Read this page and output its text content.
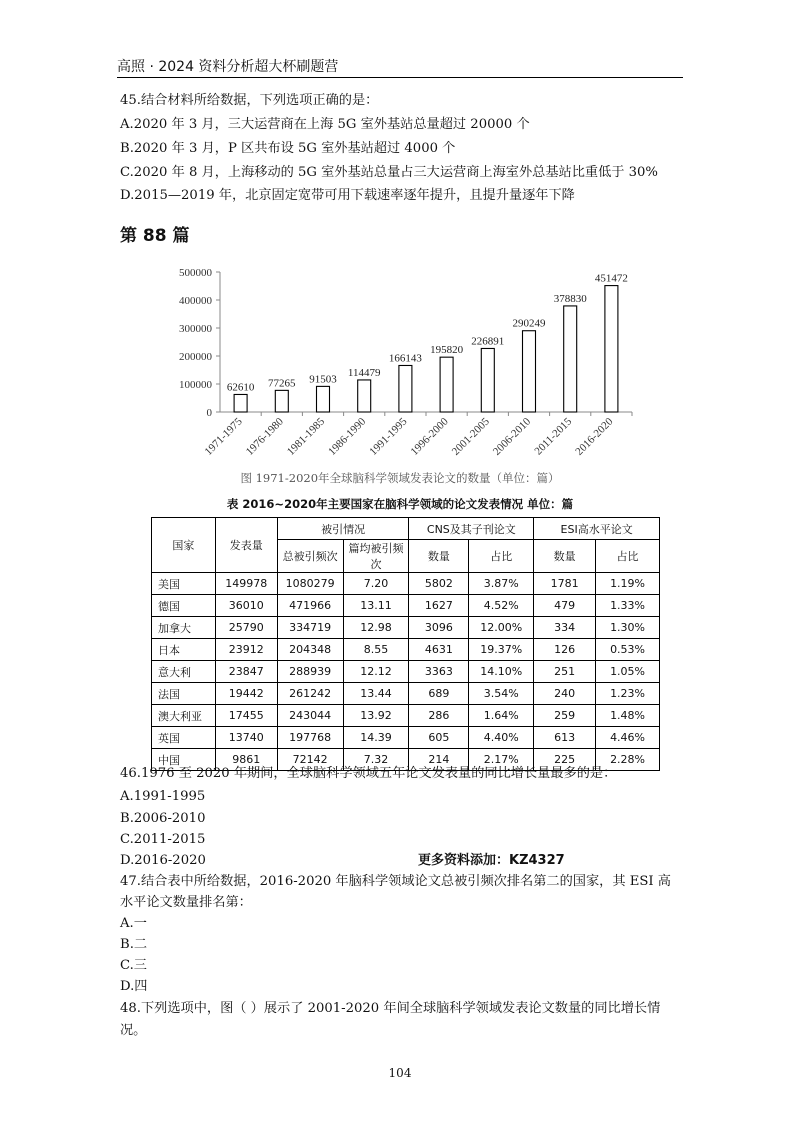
高照 · 2024 资料分析超大杯刷题营
45.结合材料所给数据，下列选项正确的是：
A.2020 年 3 月，三大运营商在上海 5G 室外基站总量超过 20000 个
B.2020 年 3 月，P 区共布设 5G 室外基站超过 4000 个
C.2020 年 8 月，上海移动的 5G 室外基站总量占三大运营商上海室外总基站比重低于 30%
D.2015—2019 年，北京固定宽带可用下载速率逐年提升，且提升量逐年下降
第 88 篇
0
100000
200000
300000
400000
500000
62610
1971-1975
77265
1976-1980
91503
1981-1985
114479
1986-1990
166143
1991-1995
195820
1996-2000
226891
2001-2005
290249
2006-2010
378830
2011-2015
451472
2016-2020
图 1971-2020年全球脑科学领域发表论文的数量（单位：篇）
表 2016~2020年主要国家在脑科学领域的论文发表情况 单位：篇
国家	发表量	被引情况		CNS及其子刊论文		ESI高水平论文	
		总被引频次	篇均被引频次	数量	占比	数量	占比
美国	149978	1080279	7.20	5802	3.87%	1781	1.19%
德国	36010	471966	13.11	1627	4.52%	479	1.33%
加拿大	25790	334719	12.98	3096	12.00%	334	1.30%
日本	23912	204348	8.55	4631	19.37%	126	0.53%
意大利	23847	288939	12.12	3363	14.10%	251	1.05%
法国	19442	261242	13.44	689	3.54%	240	1.23%
澳大利亚	17455	243044	13.92	286	1.64%	259	1.48%
英国	13740	197768	14.39	605	4.40%	613	4.46%
中国	9861	72142	7.32	214	2.17%	225	2.28%
46.1976 至 2020 年期间，全球脑科学领域五年论文发表量的同比增长量最多的是：
A.1991-1995
B.2006-2010
C.2011-2015
D.2016-2020	更多资料添加：KZ4327
47.结合表中所给数据，2016-2020 年脑科学领域论文总被引频次排名第二的国家，其 ESI 高
水平论文数量排名第：
A.一
B.二
C.三
D.四
48.下列选项中，图（ ）展示了 2001-2020 年间全球脑科学领域发表论文数量的同比增长情
况。
104
